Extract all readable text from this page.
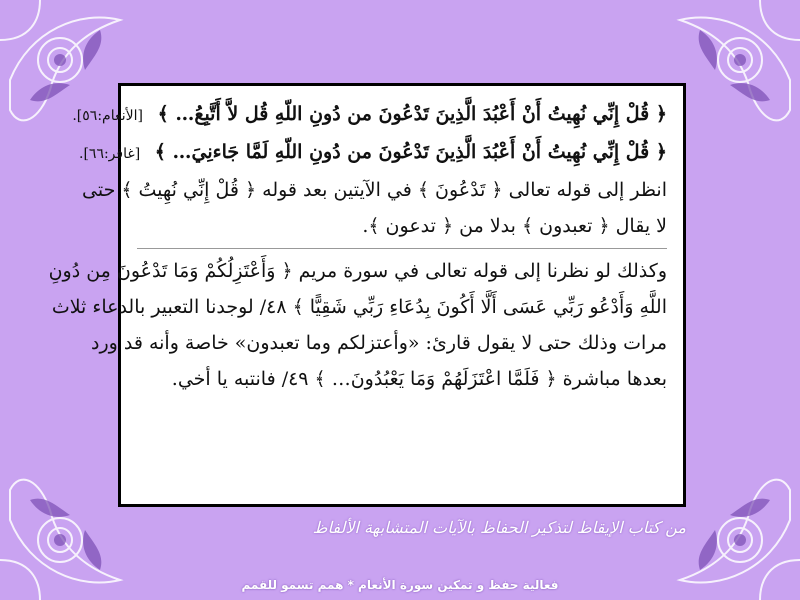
﴿ قُلْ إِنِّي نُهِيتُ أَنْ أَعْبُدَ الَّذِينَ تَدْعُونَ من دُونِ اللّهِ قُل لاَّ أَتَّبِعُ… ﴾ [الأنعام:٥٦].
﴿ قُلْ إِنِّي نُهِيتُ أَنْ أَعْبُدَ الَّذِينَ تَدْعُونَ من دُونِ اللّهِ لَمَّا جَاءنِيَ… ﴾ [غافر:٦٦].
انظر إلى قوله تعالى ﴿ تَدْعُونَ ﴾ في الآيتين بعد قوله ﴿ قُلْ إِنِّي نُهِيتُ ﴾ حتى
لا يقال ﴿ تعبدون ﴾ بدلا من ﴿ تدعون ﴾.
وكذلك لو نظرنا إلى قوله تعالى في سورة مريم ﴿ وَأَعْتَزِلُكُمْ وَمَا تَدْعُونَ مِن دُونِ
اللَّهِ وَأَدْعُو رَبِّي عَسَى أَلَّا أَكُونَ بِدُعَاءِ رَبِّي شَقِيًّا ﴾ ٤٨/ لوجدنا التعبير بالدعاء ثلاث
مرات وذلك حتى لا يقول قارئ: «وأعتزلكم وما تعبدون» خاصة وأنه قد ورد
بعدها مباشرة ﴿ فَلَمَّا اعْتَزَلَهُمْ وَمَا يَعْبُدُونَ… ﴾ ٤٩/ فانتبه يا أخي.
من كتاب الإيقاظ لتذكير الحفاظ بالآيات المتشابهة الألفاظ
فعالية حفظ و تمكين سورة الأنعام * همم تسمو للقمم
